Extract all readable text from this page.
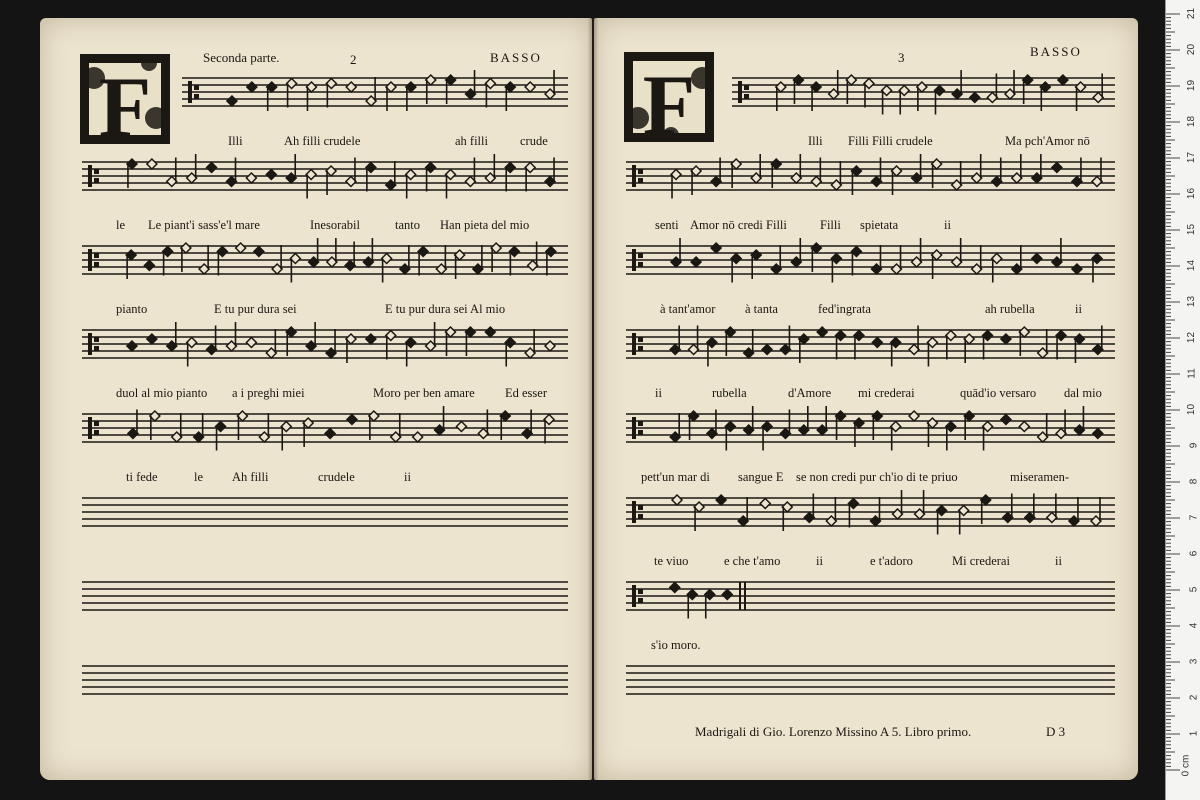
Seconda parte.	2	BASSO
F	Illi	Ah filli crudele	ah filli	crude
le Le piant'i sass'e'l mare	Inesorabil	tanto Han pieta del mio
pianto	E tu pur dura sei	E tu pur dura sei Al mio
duol al mio pianto a i preghi miei	Moro per ben amare Ed esser
ti fede	le Ah filli	crudele	ii
3	BASSO
F	Illi Filli Filli crudele	Ma pch'Amor nō
senti Amor nō credi Filli	Filli spietata	ii
à tant'amor à tanta	fed'ingrata	ah rubella	ii
ii	rubella	d'Amore mi crederai	quād'io versaro dal mio
pett'un mar di sangue E se non credi pur ch'io di te priuo	miseramen-
te viuo	e che t'amo	ii	e t'adoro	Mi crederai	ii
s'io moro.
Madrigali di Gio. Lorenzo Missino A 5. Libro primo.	D 3
0 cm
1
2
3
4
5
6
7
8
9
10
11
12
13
14
15
16
17
18
19
20
21
